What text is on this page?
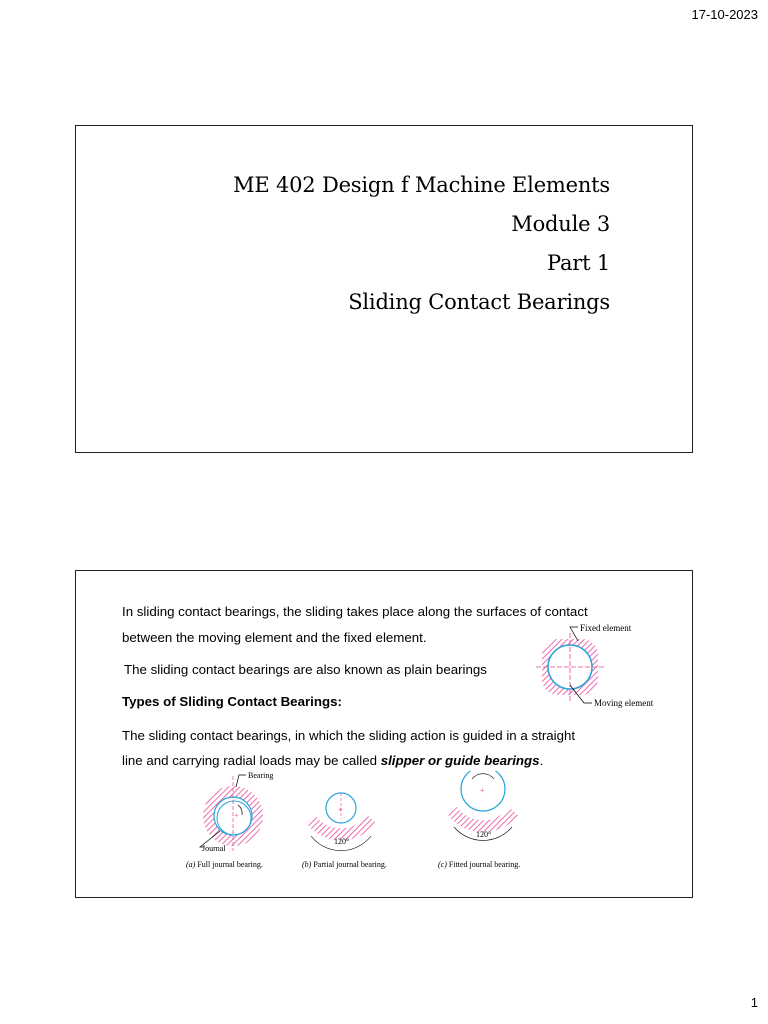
17-10-2023
ME 402 Design f Machine Elements
Module 3
Part 1
Sliding Contact Bearings
In sliding contact bearings, the sliding takes place along the surfaces of contact
between the moving element and the fixed element.
The sliding contact bearings are also known as plain bearings
Types of Sliding Contact Bearings:
The sliding contact bearings, in which the sliding action is guided in a straight
line and carrying radial loads may be called slipper or guide bearings.
Fixed element
Moving element
+
Bearing
Journal
+
120°
+
120°
(a) Full journal bearing.	(b) Partial journal bearing.	(c) Fitted journal bearing.
1
